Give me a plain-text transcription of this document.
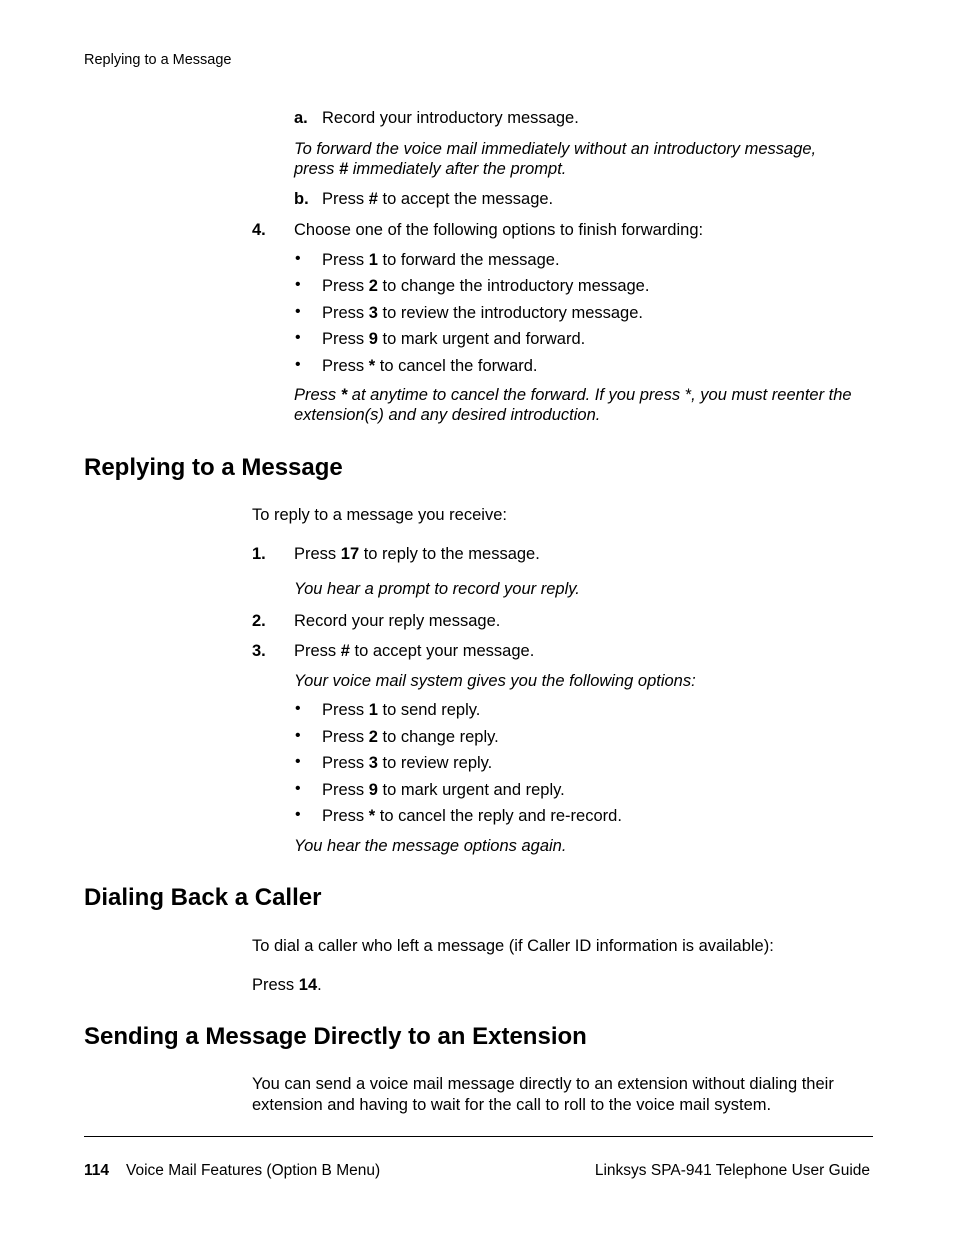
Replying to a Message
a. Record your introductory message.
To forward the voice mail immediately without an introductory message,
press # immediately after the prompt.
b. Press # to accept the message.
4. Choose one of the following options to finish forwarding:
• Press 1 to forward the message.
• Press 2 to change the introductory message.
• Press 3 to review the introductory message.
• Press 9 to mark urgent and forward.
• Press * to cancel the forward.
Press * at anytime to cancel the forward. If you press *, you must reenter the
extension(s) and any desired introduction.
Replying to a Message
To reply to a message you receive:
1. Press 17 to reply to the message.
You hear a prompt to record your reply.
2. Record your reply message.
3. Press # to accept your message.
Your voice mail system gives you the following options:
• Press 1 to send reply.
• Press 2 to change reply.
• Press 3 to review reply.
• Press 9 to mark urgent and reply.
• Press * to cancel the reply and re-record.
You hear the message options again.
Dialing Back a Caller
To dial a caller who left a message (if Caller ID information is available):
Press 14.
Sending a Message Directly to an Extension
You can send a voice mail message directly to an extension without dialing their
extension and having to wait for the call to roll to the voice mail system.
114 Voice Mail Features (Option B Menu)	Linksys SPA-941 Telephone User Guide
